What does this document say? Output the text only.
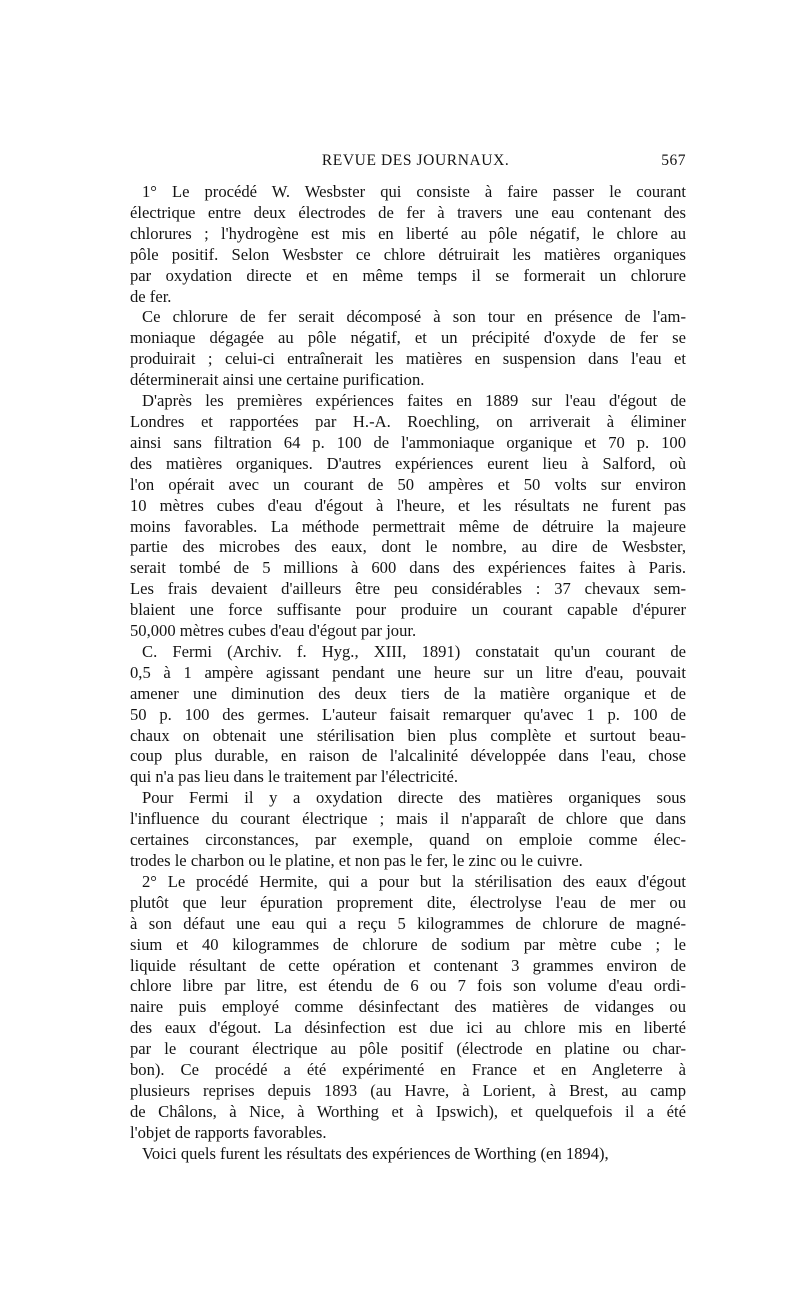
REVUE DES JOURNAUX.	567

1° Le procédé W. Wesbster qui consiste à faire passer le courant
électrique entre deux électrodes de fer à travers une eau contenant des
chlorures ; l'hydrogène est mis en liberté au pôle négatif, le chlore au
pôle positif. Selon Wesbster ce chlore détruirait les matières organiques
par oxydation directe et en même temps il se formerait un chlorure
de fer.

Ce chlorure de fer serait décomposé à son tour en présence de l'am-
moniaque dégagée au pôle négatif, et un précipité d'oxyde de fer se
produirait ; celui-ci entraînerait les matières en suspension dans l'eau et
déterminerait ainsi une certaine purification.

D'après les premières expériences faites en 1889 sur l'eau d'égout de
Londres et rapportées par H.-A. Roechling, on arriverait à éliminer
ainsi sans filtration 64 p. 100 de l'ammoniaque organique et 70 p. 100
des matières organiques. D'autres expériences eurent lieu à Salford, où
l'on opérait avec un courant de 50 ampères et 50 volts sur environ
10 mètres cubes d'eau d'égout à l'heure, et les résultats ne furent pas
moins favorables. La méthode permettrait même de détruire la majeure
partie des microbes des eaux, dont le nombre, au dire de Wesbster,
serait tombé de 5 millions à 600 dans des expériences faites à Paris.
Les frais devaient d'ailleurs être peu considérables : 37 chevaux sem-
blaient une force suffisante pour produire un courant capable d'épurer
50,000 mètres cubes d'eau d'égout par jour.

C. Fermi (Archiv. f. Hyg., XIII, 1891) constatait qu'un courant de
0,5 à 1 ampère agissant pendant une heure sur un litre d'eau, pouvait
amener une diminution des deux tiers de la matière organique et de
50 p. 100 des germes. L'auteur faisait remarquer qu'avec 1 p. 100 de
chaux on obtenait une stérilisation bien plus complète et surtout beau-
coup plus durable, en raison de l'alcalinité développée dans l'eau, chose
qui n'a pas lieu dans le traitement par l'électricité.

Pour Fermi il y a oxydation directe des matières organiques sous
l'influence du courant électrique ; mais il n'apparaît de chlore que dans
certaines circonstances, par exemple, quand on emploie comme élec-
trodes le charbon ou le platine, et non pas le fer, le zinc ou le cuivre.

2° Le procédé Hermite, qui a pour but la stérilisation des eaux d'égout
plutôt que leur épuration proprement dite, électrolyse l'eau de mer ou
à son défaut une eau qui a reçu 5 kilogrammes de chlorure de magné-
sium et 40 kilogrammes de chlorure de sodium par mètre cube ; le
liquide résultant de cette opération et contenant 3 grammes environ de
chlore libre par litre, est étendu de 6 ou 7 fois son volume d'eau ordi-
naire puis employé comme désinfectant des matières de vidanges ou
des eaux d'égout. La désinfection est due ici au chlore mis en liberté
par le courant électrique au pôle positif (électrode en platine ou char-
bon). Ce procédé a été expérimenté en France et en Angleterre à
plusieurs reprises depuis 1893 (au Havre, à Lorient, à Brest, au camp
de Châlons, à Nice, à Worthing et à Ipswich), et quelquefois il a été
l'objet de rapports favorables.

Voici quels furent les résultats des expériences de Worthing (en 1894),
